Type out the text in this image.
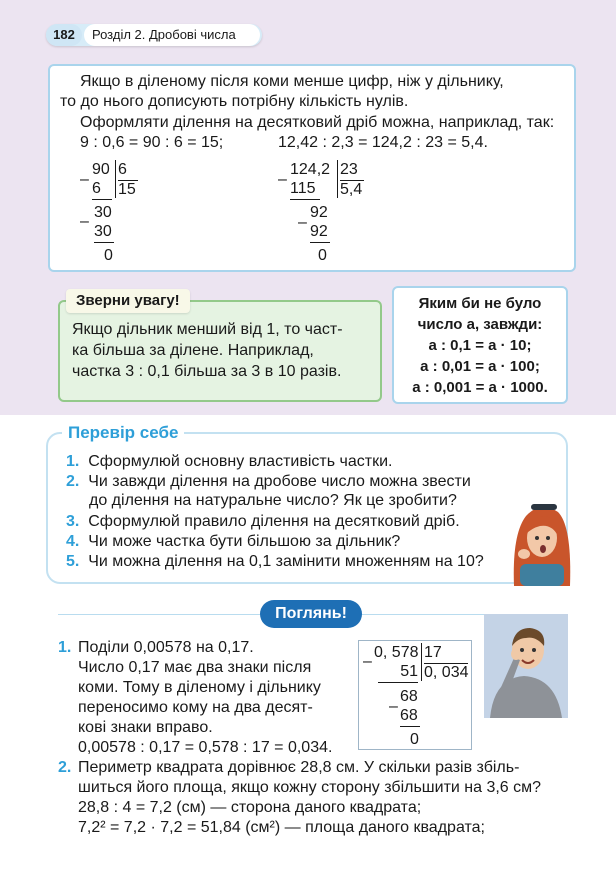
182	Розділ 2. Дробові числа
Якщо в діленому після коми менше цифр, ніж у дільнику,
то до нього дописують потрібну кількість нулів.
Оформляти ділення на десятковий дріб можна, наприклад, так:
9 : 0,6 = 90 : 6 = 15;	12,42 : 2,3 = 124,2 : 23 = 5,4.
–
90 6
6	15
–
30
30
0
–
124,2 23
115 5,4
–
92
92
0
Зверни увагу!
Якщо дільник менший від 1, то част-
ка більша за ділене. Наприклад,
частка 3 : 0,1 більша за 3 в 10 разів.
Яким би не було
число a, завжди:
a : 0,1 = a · 10;
a : 0,01 = a · 100;
a : 0,001 = a · 1000.
Перевір себе
1. Сформулюй основну властивість частки.
2. Чи завжди ділення на дробове число можна звести
до ділення на натуральне число? Як це зробити?
3. Сформулюй правило ділення на десятковий дріб.
4. Чи може частка бути більшою за дільник?
5. Чи можна ділення на 0,1 замінити множенням на 10?
Поглянь!
1. Поділи 0,00578 на 0,17.
Число 0,17 має два знаки після
коми. Тому в діленому і дільнику
переносимо кому на два десят-
кові знаки вправо.
0,00578 : 0,17 = 0,578 : 17 = 0,034.
–
0, 578 17
51 0, 034
–
68
68
0
2. Периметр квадрата дорівнює 28,8 см. У скільки разів збіль-
шиться його площа, якщо кожну сторону збільшити на 3,6 см?
28,8 : 4 = 7,2 (см) — сторона даного квадрата;
7,2² = 7,2 · 7,2 = 51,84 (см²) — площа даного квадрата;
